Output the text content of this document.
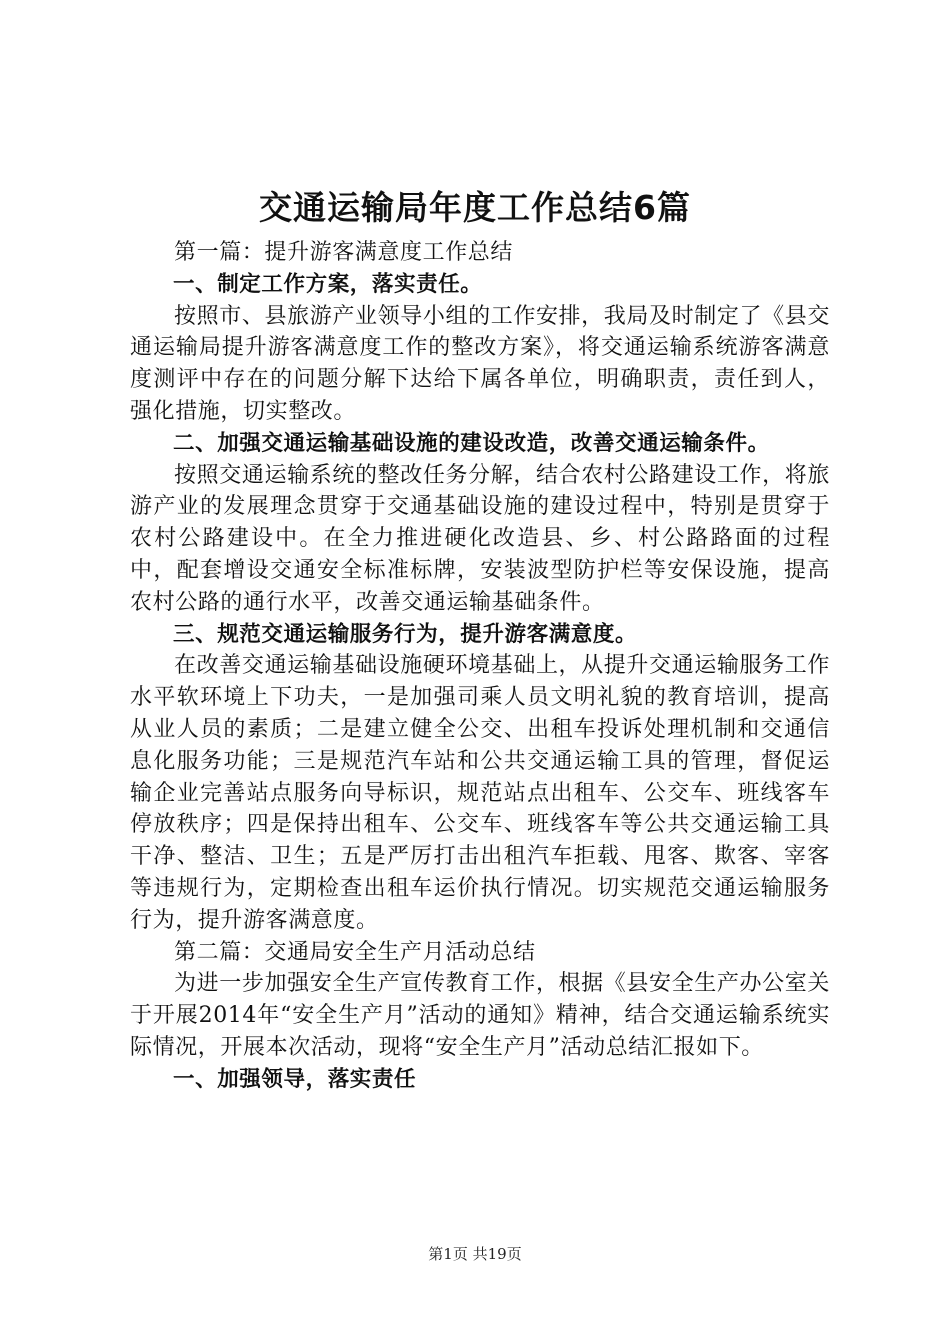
交通运输局年度工作总结6篇

第一篇：提升游客满意度工作总结

一、制定工作方案，落实责任。

按照市、县旅游产业领导小组的工作安排，我局及时制定了《县交通运输局提升游客满意度工作的整改方案》，将交通运输系统游客满意度测评中存在的问题分解下达给下属各单位，明确职责，责任到人，强化措施，切实整改。

二、加强交通运输基础设施的建设改造，改善交通运输条件。

按照交通运输系统的整改任务分解，结合农村公路建设工作，将旅游产业的发展理念贯穿于交通基础设施的建设过程中，特别是贯穿于农村公路建设中。在全力推进硬化改造县、乡、村公路路面的过程中，配套增设交通安全标准标牌，安装波型防护栏等安保设施，提高农村公路的通行水平，改善交通运输基础条件。

三、规范交通运输服务行为，提升游客满意度。

在改善交通运输基础设施硬环境基础上，从提升交通运输服务工作水平软环境上下功夫，一是加强司乘人员文明礼貌的教育培训，提高从业人员的素质；二是建立健全公交、出租车投诉处理机制和交通信息化服务功能；三是规范汽车站和公共交通运输工具的管理，督促运输企业完善站点服务向导标识，规范站点出租车、公交车、班线客车停放秩序；四是保持出租车、公交车、班线客车等公共交通运输工具干净、整洁、卫生；五是严厉打击出租汽车拒载、甩客、欺客、宰客等违规行为，定期检查出租车运价执行情况。切实规范交通运输服务行为，提升游客满意度。

第二篇：交通局安全生产月活动总结

为进一步加强安全生产宣传教育工作，根据《县安全生产办公室关于开展2014年“安全生产月”活动的通知》精神，结合交通运输系统实际情况，开展本次活动，现将“安全生产月”活动总结汇报如下。

一、加强领导，落实责任

第1页 共19页
